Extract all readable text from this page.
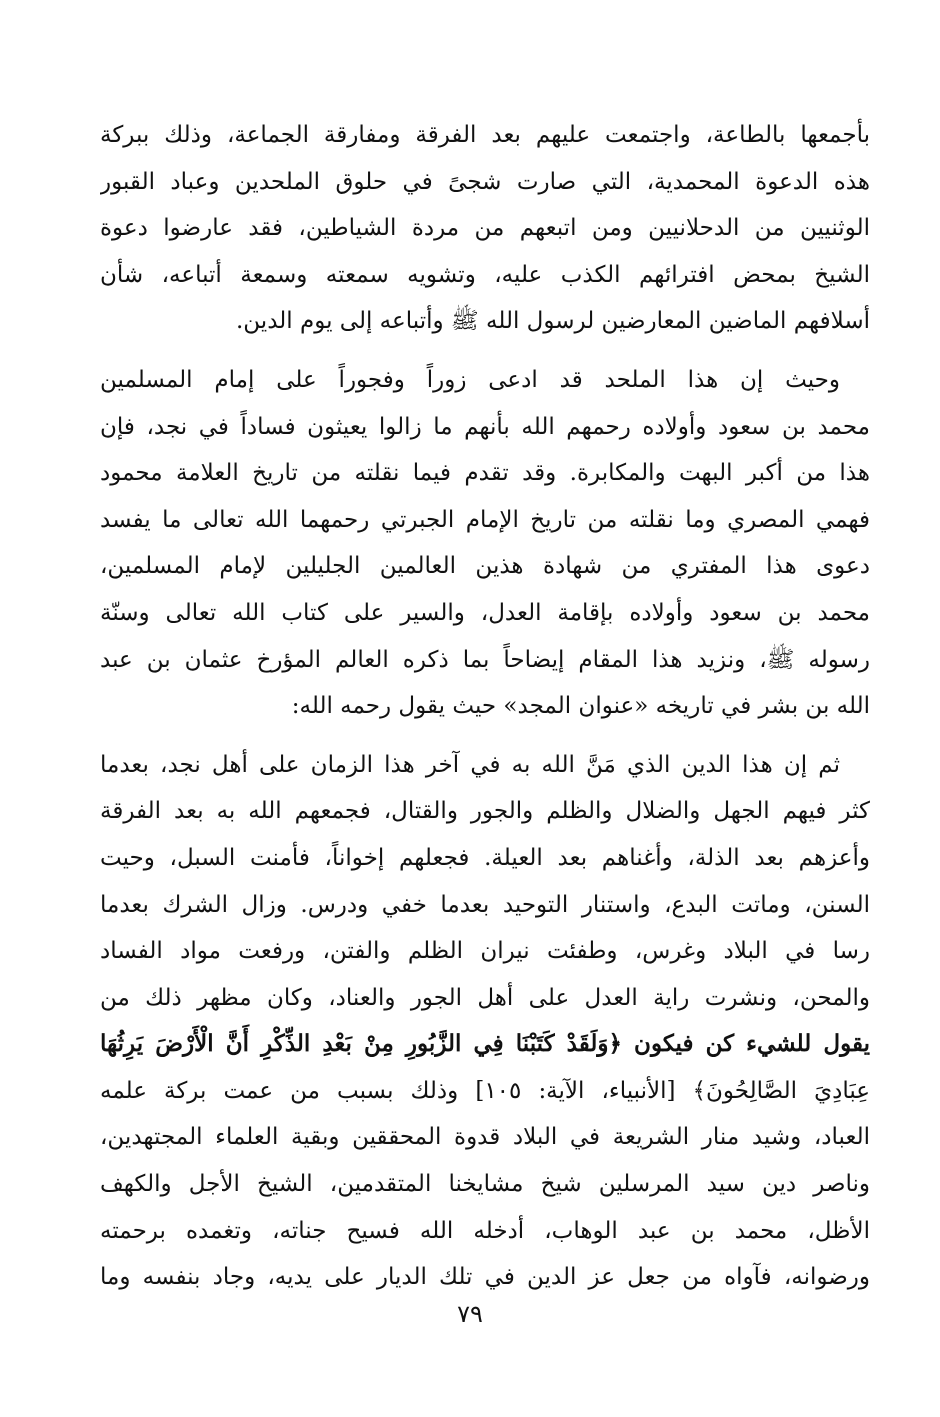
بأجمعها بالطاعة، واجتمعت عليهم بعد الفرقة ومفارقة الجماعة، وذلك ببركة
هذه الدعوة المحمدية، التي صارت شجىً في حلوق الملحدين وعباد القبور
الوثنيين من الدحلانيين ومن اتبعهم من مردة الشياطين، فقد عارضوا دعوة
الشيخ بمحض افترائهم الكذب عليه، وتشويه سمعته وسمعة أتباعه، شأن
أسلافهم الماضين المعارضين لرسول الله ﷺ وأتباعه إلى يوم الدين.

وحيث إن هذا الملحد قد ادعى زوراً وفجوراً على إمام المسلمين
محمد بن سعود وأولاده رحمهم الله بأنهم ما زالوا يعيثون فساداً في نجد، فإن
هذا من أكبر البهت والمكابرة. وقد تقدم فيما نقلته من تاريخ العلامة محمود
فهمي المصري وما نقلته من تاريخ الإمام الجبرتي رحمهما الله تعالى ما يفسد
دعوى هذا المفتري من شهادة هذين العالمين الجليلين لإمام المسلمين،
محمد بن سعود وأولاده بإقامة العدل، والسير على كتاب الله تعالى وسنّة
رسوله ﷺ، ونزيد هذا المقام إيضاحاً بما ذكره العالم المؤرخ عثمان بن عبد
الله بن بشر في تاريخه «عنوان المجد» حيث يقول رحمه الله:

ثم إن هذا الدين الذي مَنَّ الله به في آخر هذا الزمان على أهل نجد، بعدما
كثر فيهم الجهل والضلال والظلم والجور والقتال، فجمعهم الله به بعد الفرقة
وأعزهم بعد الذلة، وأغناهم بعد العيلة. فجعلهم إخواناً، فأمنت السبل، وحيت
السنن، وماتت البدع، واستنار التوحيد بعدما خفي ودرس. وزال الشرك بعدما
رسا في البلاد وغرس، وطفئت نيران الظلم والفتن، ورفعت مواد الفساد
والمحن، ونشرت راية العدل على أهل الجور والعناد، وكان مظهر ذلك من
يقول للشيء كن فيكون ﴿وَلَقَدْ كَتَبْنَا فِي الزَّبُورِ مِنْ بَعْدِ الذِّكْرِ أَنَّ الْأَرْضَ يَرِثُهَا
عِبَادِيَ الصَّالِحُونَ﴾ [الأنبياء، الآية: ١٠٥] وذلك بسبب من عمت بركة علمه
العباد، وشيد منار الشريعة في البلاد قدوة المحققين وبقية العلماء المجتهدين،
وناصر دين سيد المرسلين شيخ مشايخنا المتقدمين، الشيخ الأجل والكهف
الأظل، محمد بن عبد الوهاب، أدخله الله فسيح جناته، وتغمده برحمته
ورضوانه، فآواه من جعل عز الدين في تلك الديار على يديه، وجاد بنفسه وما

٧٩
